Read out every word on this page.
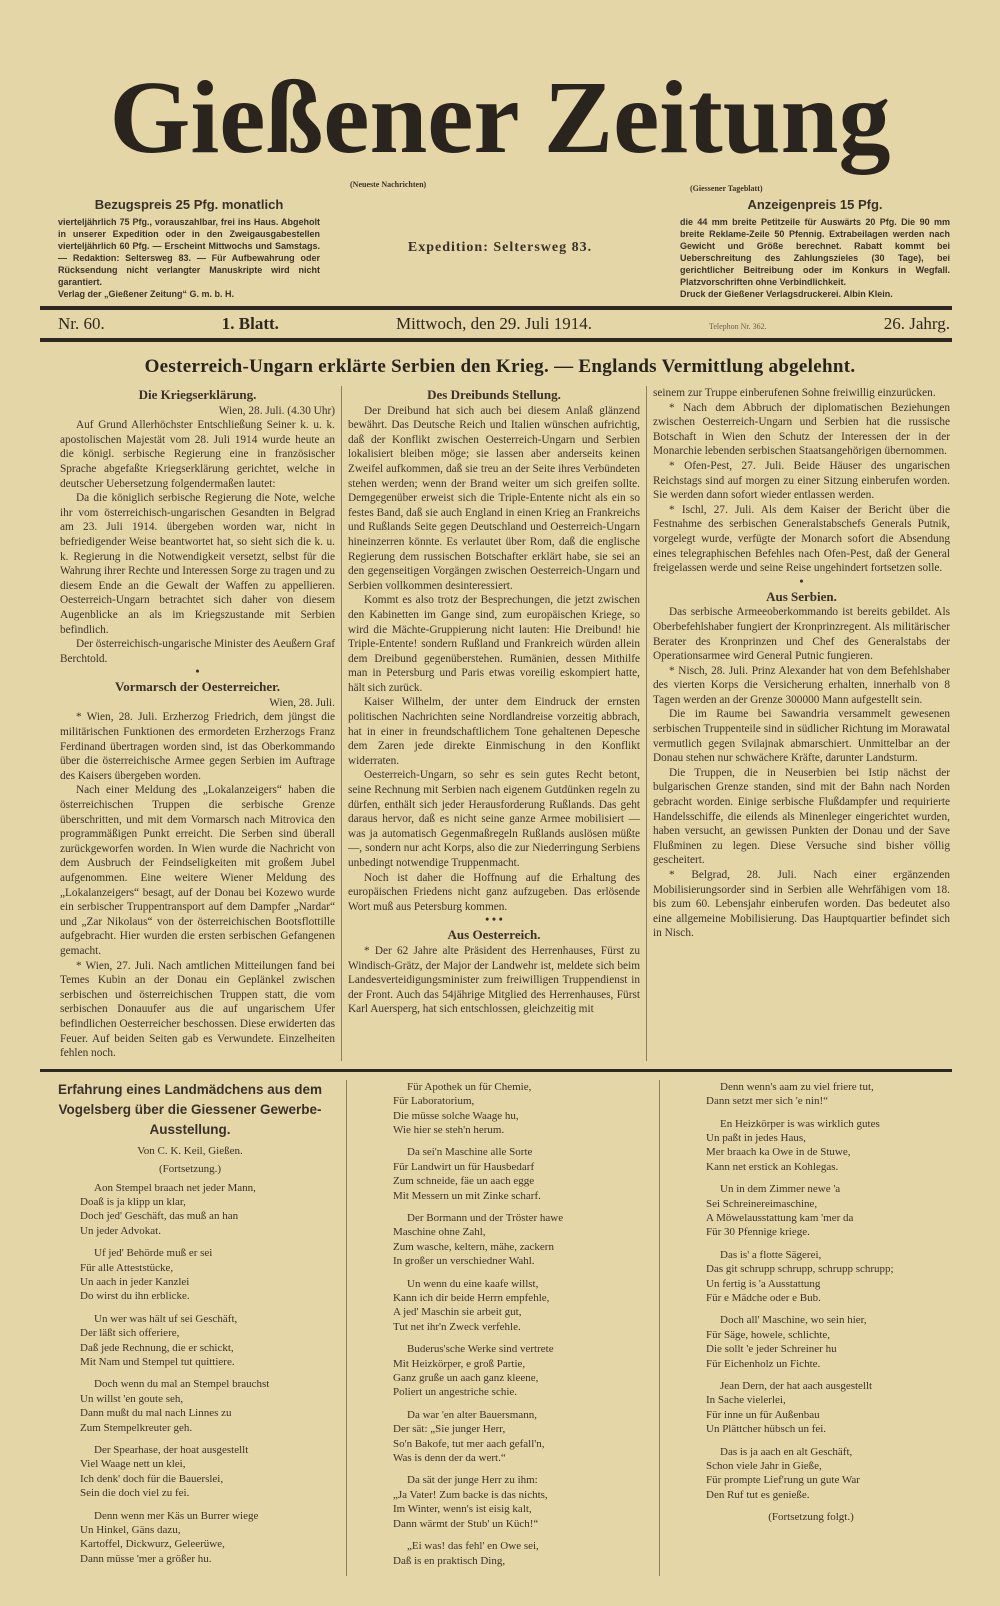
Gießener Zeitung
(Neueste Nachrichten)	(Giessener Tageblatt)
Bezugspreis 25 Pfg. monatlich
vierteljährlich 75 Pfg., vorauszahlbar, frei ins Haus. Abgeholt in unserer Expedition oder in den Zweigausgabestellen vierteljährlich 60 Pfg. — Erscheint Mittwochs und Samstags. — Redaktion: Seltersweg 83. — Für Aufbewahrung oder Rücksendung nicht verlangter Manuskripte wird nicht garantiert.
Verlag der „Gießener Zeitung“ G. m. b. H.
Expedition: Seltersweg 83.
Anzeigenpreis 15 Pfg.
die 44 mm breite Petitzeile für Auswärts 20 Pfg. Die 90 mm breite Reklame-Zeile 50 Pfennig. Extrabeilagen werden nach Gewicht und Größe berechnet. Rabatt kommt bei Ueberschreitung des Zahlungszieles (30 Tage), bei gerichtlicher Beitreibung oder im Konkurs in Wegfall. Platzvorschriften ohne Verbindlichkeit.
Druck der Gießener Verlagsdruckerei. Albin Klein.
Nr. 60.	1. Blatt.	Mittwoch, den 29. Juli 1914.	Telephon Nr. 362.	26. Jahrg.
Oesterreich-Ungarn erklärte Serbien den Krieg. — Englands Vermittlung abgelehnt.
Die Kriegserklärung.
Wien, 28. Juli. (4.30 Uhr)
Auf Grund Allerhöchster Entschließung Seiner k. u. k. apostolischen Majestät vom 28. Juli 1914 wurde heute an die königl. serbische Regierung eine in französischer Sprache abgefaßte Kriegserklärung gerichtet, welche in deutscher Uebersetzung folgendermaßen lautet:
Da die königlich serbische Regierung die Note, welche ihr vom österreichisch-ungarischen Gesandten in Belgrad am 23. Juli 1914. übergeben worden war, nicht in befriedigender Weise beantwortet hat, so sieht sich die k. u. k. Regierung in die Notwendigkeit versetzt, selbst für die Wahrung ihrer Rechte und Interessen Sorge zu tragen und zu diesem Ende an die Gewalt der Waffen zu appellieren. Oesterreich-Ungarn betrachtet sich daher von diesem Augenblicke an als im Kriegszustande mit Serbien befindlich.
Der österreichisch-ungarische Minister des Aeußern Graf Berchtold.
•
Vormarsch der Oesterreicher.
Wien, 28. Juli.
* Wien, 28. Juli. Erzherzog Friedrich, dem jüngst die militärischen Funktionen des ermordeten Erzherzogs Franz Ferdinand übertragen worden sind, ist das Oberkommando über die österreichische Armee gegen Serbien im Auftrage des Kaisers übergeben worden.
Nach einer Meldung des „Lokalanzeigers“ haben die österreichischen Truppen die serbische Grenze überschritten, und mit dem Vormarsch nach Mitrovica den programmäßigen Punkt erreicht. Die Serben sind überall zurückgeworfen worden. In Wien wurde die Nachricht von dem Ausbruch der Feindseligkeiten mit großem Jubel aufgenommen. Eine weitere Wiener Meldung des „Lokalanzeigers“ besagt, auf der Donau bei Kozewo wurde ein serbischer Truppentransport auf dem Dampfer „Nardar“ und „Zar Nikolaus“ von der österreichischen Bootsflottille aufgebracht. Hier wurden die ersten serbischen Gefangenen gemacht.
* Wien, 27. Juli. Nach amtlichen Mitteilungen fand bei Temes Kubin an der Donau ein Geplänkel zwischen serbischen und österreichischen Truppen statt, die vom serbischen Donauufer aus die auf ungarischem Ufer befindlichen Oesterreicher beschossen. Diese erwiderten das Feuer. Auf beiden Seiten gab es Verwundete. Einzelheiten fehlen noch.
Des Dreibunds Stellung.
Der Dreibund hat sich auch bei diesem Anlaß glänzend bewährt. Das Deutsche Reich und Italien wünschen aufrichtig, daß der Konflikt zwischen Oesterreich-Ungarn und Serbien lokalisiert bleiben möge; sie lassen aber anderseits keinen Zweifel aufkommen, daß sie treu an der Seite ihres Verbündeten stehen werden; wenn der Brand weiter um sich greifen sollte. Demgegenüber erweist sich die Triple-Entente nicht als ein so festes Band, daß sie auch England in einen Krieg an Frankreichs und Rußlands Seite gegen Deutschland und Oesterreich-Ungarn hineinzerren könnte. Es verlautet über Rom, daß die englische Regierung dem russischen Botschafter erklärt habe, sie sei an den gegenseitigen Vorgängen zwischen Oesterreich-Ungarn und Serbien vollkommen desinteressiert.
Kommt es also trotz der Besprechungen, die jetzt zwischen den Kabinetten im Gange sind, zum europäischen Kriege, so wird die Mächte-Gruppierung nicht lauten: Hie Dreibund! hie Triple-Entente! sondern Rußland und Frankreich würden allein dem Dreibund gegenüberstehen. Rumänien, dessen Mithilfe man in Petersburg und Paris etwas voreilig eskompiert hatte, hält sich zurück.
Kaiser Wilhelm, der unter dem Eindruck der ernsten politischen Nachrichten seine Nordlandreise vorzeitig abbrach, hat in einer in freundschaftlichem Tone gehaltenen Depesche dem Zaren jede direkte Einmischung in den Konflikt widerraten.
Oesterreich-Ungarn, so sehr es sein gutes Recht betont, seine Rechnung mit Serbien nach eigenem Gutdünken regeln zu dürfen, enthält sich jeder Herausforderung Rußlands. Das geht daraus hervor, daß es nicht seine ganze Armee mobilisiert — was ja automatisch Gegenmaßregeln Rußlands auslösen müßte —, sondern nur acht Korps, also die zur Niederringung Serbiens unbedingt notwendige Truppenmacht.
Noch ist daher die Hoffnung auf die Erhaltung des europäischen Friedens nicht ganz aufzugeben. Das erlösende Wort muß aus Petersburg kommen.
• • •
Aus Oesterreich.
* Der 62 Jahre alte Präsident des Herrenhauses, Fürst zu Windisch-Grätz, der Major der Landwehr ist, meldete sich beim Landesverteidigungsminister zum freiwilligen Truppendienst in der Front. Auch das 54jährige Mitglied des Herrenhauses, Fürst Karl Auersperg, hat sich entschlossen, gleichzeitig mit
seinem zur Truppe einberufenen Sohne freiwillig einzurücken.
* Nach dem Abbruch der diplomatischen Beziehungen zwischen Oesterreich-Ungarn und Serbien hat die russische Botschaft in Wien den Schutz der Interessen der in der Monarchie lebenden serbischen Staatsangehörigen übernommen.
* Ofen-Pest, 27. Juli. Beide Häuser des ungarischen Reichstags sind auf morgen zu einer Sitzung einberufen worden. Sie werden dann sofort wieder entlassen werden.
* Ischl, 27. Juli. Als dem Kaiser der Bericht über die Festnahme des serbischen Generalstabschefs Generals Putnik, vorgelegt wurde, verfügte der Monarch sofort die Absendung eines telegraphischen Befehles nach Ofen-Pest, daß der General freigelassen werde und seine Reise ungehindert fortsetzen solle.
•
Aus Serbien.
Das serbische Armeeoberkommando ist bereits gebildet. Als Oberbefehlshaber fungiert der Kronprinzregent. Als militärischer Berater des Kronprinzen und Chef des Generalstabs der Operationsarmee wird General Putnic fungieren.
* Nisch, 28. Juli. Prinz Alexander hat von dem Befehlshaber des vierten Korps die Versicherung erhalten, innerhalb von 8 Tagen werden an der Grenze 300000 Mann aufgestellt sein.
Die im Raume bei Sawandria versammelt gewesenen serbischen Truppenteile sind in südlicher Richtung im Morawatal vermutlich gegen Svilajnak abmarschiert. Unmittelbar an der Donau stehen nur schwächere Kräfte, darunter Landsturm.
Die Truppen, die in Neuserbien bei Istip nächst der bulgarischen Grenze standen, sind mit der Bahn nach Norden gebracht worden. Einige serbische Flußdampfer und requirierte Handelsschiffe, die eilends als Minenleger eingerichtet wurden, haben versucht, an gewissen Punkten der Donau und der Save Flußminen zu legen. Diese Versuche sind bisher völlig gescheitert.
* Belgrad, 28. Juli. Nach einer ergänzenden Mobilisierungsorder sind in Serbien alle Wehrfähigen vom 18. bis zum 60. Lebensjahr einberufen worden. Das bedeutet also eine allgemeine Mobilisierung. Das Hauptquartier befindet sich in Nisch.
Erfahrung eines Landmädchens aus dem Vogelsberg über die Giessener Gewerbe-Ausstellung.
Von C. K. Keil, Gießen.
(Fortsetzung.)
Aon Stempel braach net jeder Mann,
Doaß is ja klipp un klar,
Doch jed' Geschäft, das muß an han
Un jeder Advokat.
Uf jed' Behörde muß er sei
Für alle Atteststücke,
Un aach in jeder Kanzlei
Do wirst du ihn erblicke.
Un wer was hält uf sei Geschäft,
Der läßt sich offeriere,
Daß jede Rechnung, die er schickt,
Mit Nam und Stempel tut quittiere.
Doch wenn du mal an Stempel brauchst
Un willst 'en goute seh,
Dann mußt du mal nach Linnes zu
Zum Stempelkreuter geh.
Der Spearhase, der hoat ausgestellt
Viel Waage nett un klei,
Ich denk' doch für die Bauerslei,
Sein die doch viel zu fei.
Denn wenn mer Käs un Burrer wiege
Un Hinkel, Gäns dazu,
Kartoffel, Dickwurz, Geleerüwe,
Dann müsse 'mer a größer hu.
Für Apothek un für Chemie,
Für Laboratorium,
Die müsse solche Waage hu,
Wie hier se steh'n herum.
Da sei'n Maschine alle Sorte
Für Landwirt un für Hausbedarf
Zum schneide, fäe un aach egge
Mit Messern un mit Zinke scharf.
Der Bormann und der Tröster hawe
Maschine ohne Zahl,
Zum wasche, keltern, mähe, zackern
In großer un verschiedner Wahl.
Un wenn du eine kaafe willst,
Kann ich dir beide Herrn empfehle,
A jed' Maschin sie arbeit gut,
Tut net ihr'n Zweck verfehle.
Buderus'sche Werke sind vertrete
Mit Heizkörper, e groß Partie,
Ganz gruße un aach ganz kleene,
Poliert un angestriche schie.
Da war 'en alter Bauersmann,
Der sät: „Sie junger Herr,
So'n Bakofe, tut mer aach gefall'n,
Was is denn der da wert.“
Da sät der junge Herr zu ihm:
„Ja Vater! Zum backe is das nichts,
Im Winter, wenn's ist eisig kalt,
Dann wärmt der Stub' un Küch!“
„Ei was! das fehl' en Owe sei,
Daß is en praktisch Ding,
Denn wenn's aam zu viel friere tut,
Dann setzt mer sich 'e nin!“
En Heizkörper is was wirklich gutes
Un paßt in jedes Haus,
Mer braach ka Owe in de Stuwe,
Kann net erstick an Kohlegas.
Un in dem Zimmer newe 'a
Sei Schreinereimaschine,
A Möwelausstattung kam 'mer da
Für 30 Pfennige kriege.
Das is' a flotte Sägerei,
Das git schrupp schrupp, schrupp schrupp;
Un fertig is 'a Ausstattung
Für e Mädche oder e Bub.
Doch all' Maschine, wo sein hier,
Für Säge, howele, schlichte,
Die sollt 'e jeder Schreiner hu
Für Eichenholz un Fichte.
Jean Dern, der hat aach ausgestellt
In Sache vielerlei,
Für inne un für Außenbau
Un Plättcher hübsch un fei.
Das is ja aach en alt Geschäft,
Schon viele Jahr in Gieße,
Für prompte Lief'rung un gute War
Den Ruf tut es genieße.
(Fortsetzung folgt.)
